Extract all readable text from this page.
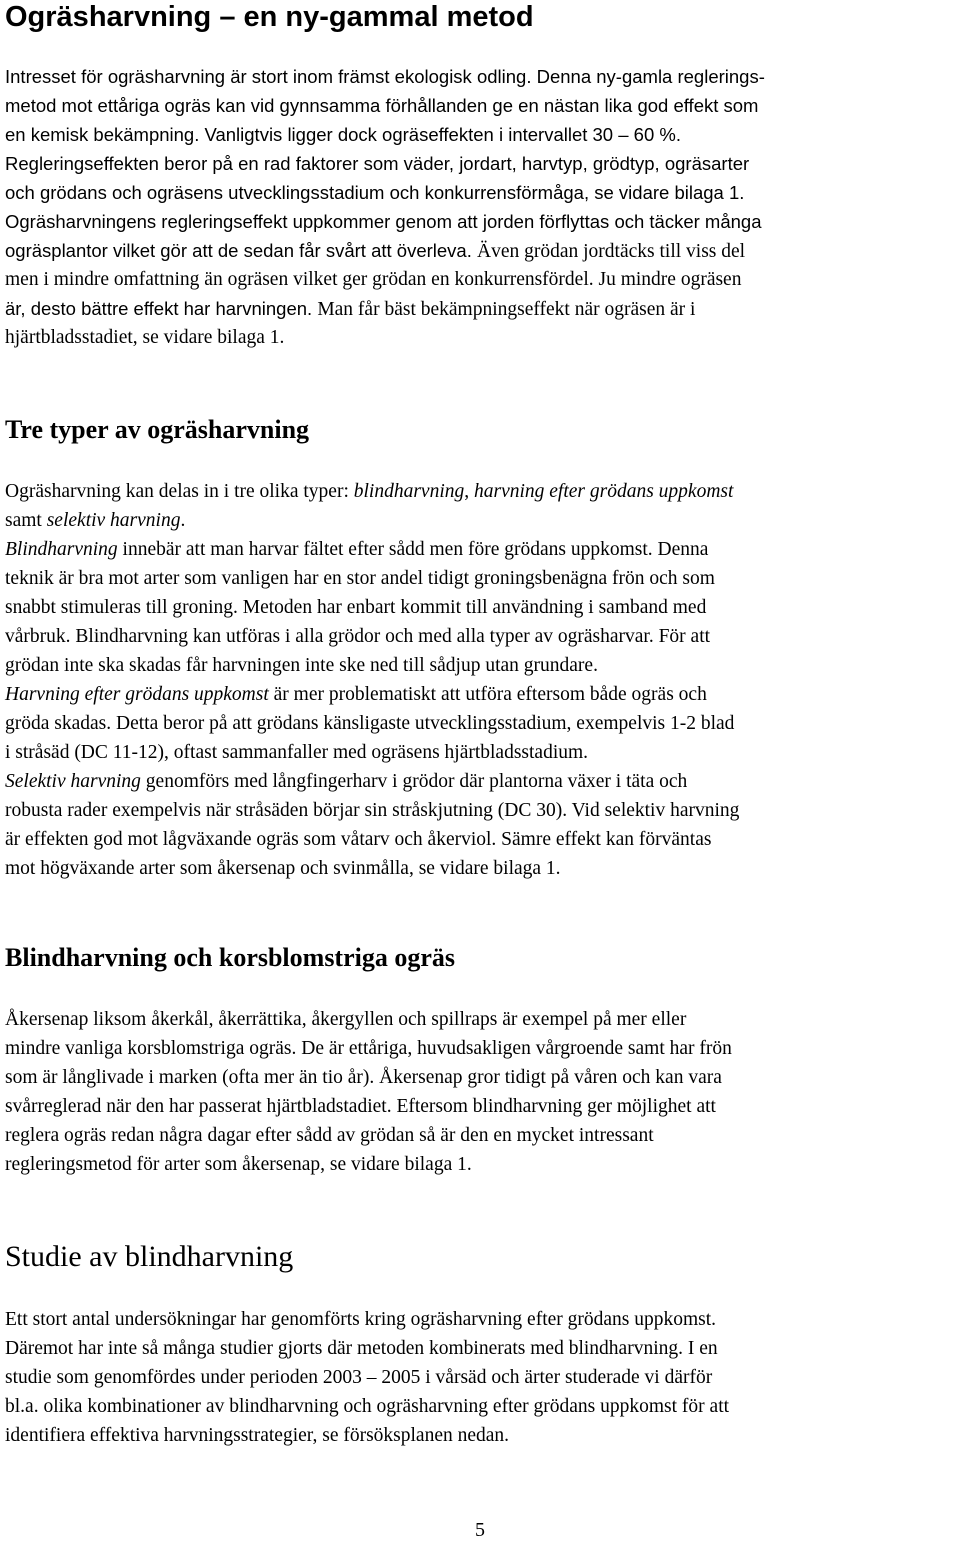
Ogräsharvning – en ny-gammal metod
Intresset för ogräsharvning är stort inom främst ekologisk odling. Denna ny-gamla reglerings-
metod mot ettåriga ogräs kan vid gynnsamma förhållanden ge en nästan lika god effekt som
en kemisk bekämpning. Vanligtvis ligger dock ogräseffekten i intervallet 30 – 60 %.
Regleringseffekten beror på en rad faktorer som väder, jordart, harvtyp, grödtyp, ogräsarter
och grödans och ogräsens utvecklingsstadium och konkurrensförmåga, se vidare bilaga 1.
Ogräsharvningens regleringseffekt uppkommer genom att jorden förflyttas och täcker många
ogräsplantor vilket gör att de sedan får svårt att överleva. Även grödan jordtäcks till viss del
men i mindre omfattning än ogräsen vilket ger grödan en konkurrensfördel. Ju mindre ogräsen
är, desto bättre effekt har harvningen. Man får bäst bekämpningseffekt när ogräsen är i
hjärtbladsstadiet, se vidare bilaga 1.
Tre typer av ogräsharvning
Ogräsharvning kan delas in i tre olika typer: blindharvning, harvning efter grödans uppkomst
samt selektiv harvning.
Blindharvning innebär att man harvar fältet efter sådd men före grödans uppkomst. Denna
teknik är bra mot arter som vanligen har en stor andel tidigt groningsbenägna frön och som
snabbt stimuleras till groning. Metoden har enbart kommit till användning i samband med
vårbruk. Blindharvning kan utföras i alla grödor och med alla typer av ogräsharvar. För att
grödan inte ska skadas får harvningen inte ske ned till sådjup utan grundare.
Harvning efter grödans uppkomst är mer problematiskt att utföra eftersom både ogräs och
gröda skadas. Detta beror på att grödans känsligaste utvecklingsstadium, exempelvis 1-2 blad
i stråsäd (DC 11-12), oftast sammanfaller med ogräsens hjärtbladsstadium.
Selektiv harvning genomförs med långfingerharv i grödor där plantorna växer i täta och
robusta rader exempelvis när stråsäden börjar sin stråskjutning (DC 30). Vid selektiv harvning
är effekten god mot lågväxande ogräs som våtarv och åkerviol. Sämre effekt kan förväntas
mot högväxande arter som åkersenap och svinmålla, se vidare bilaga 1.
Blindharvning och korsblomstriga ogräs
Åkersenap liksom åkerkål, åkerrättika, åkergyllen och spillraps är exempel på mer eller
mindre vanliga korsblomstriga ogräs. De är ettåriga, huvudsakligen vårgroende samt har frön
som är långlivade i marken (ofta mer än tio år). Åkersenap gror tidigt på våren och kan vara
svårreglerad när den har passerat hjärtbladstadiet. Eftersom blindharvning ger möjlighet att
reglera ogräs redan några dagar efter sådd av grödan så är den en mycket intressant
regleringsmetod för arter som åkersenap, se vidare bilaga 1.
Studie av blindharvning
Ett stort antal undersökningar har genomförts kring ogräsharvning efter grödans uppkomst.
Däremot har inte så många studier gjorts där metoden kombinerats med blindharvning. I en
studie som genomfördes under perioden 2003 – 2005 i vårsäd och ärter studerade vi därför
bl.a. olika kombinationer av blindharvning och ogräsharvning efter grödans uppkomst för att
identifiera effektiva harvningsstrategier, se försöksplanen nedan.

5
